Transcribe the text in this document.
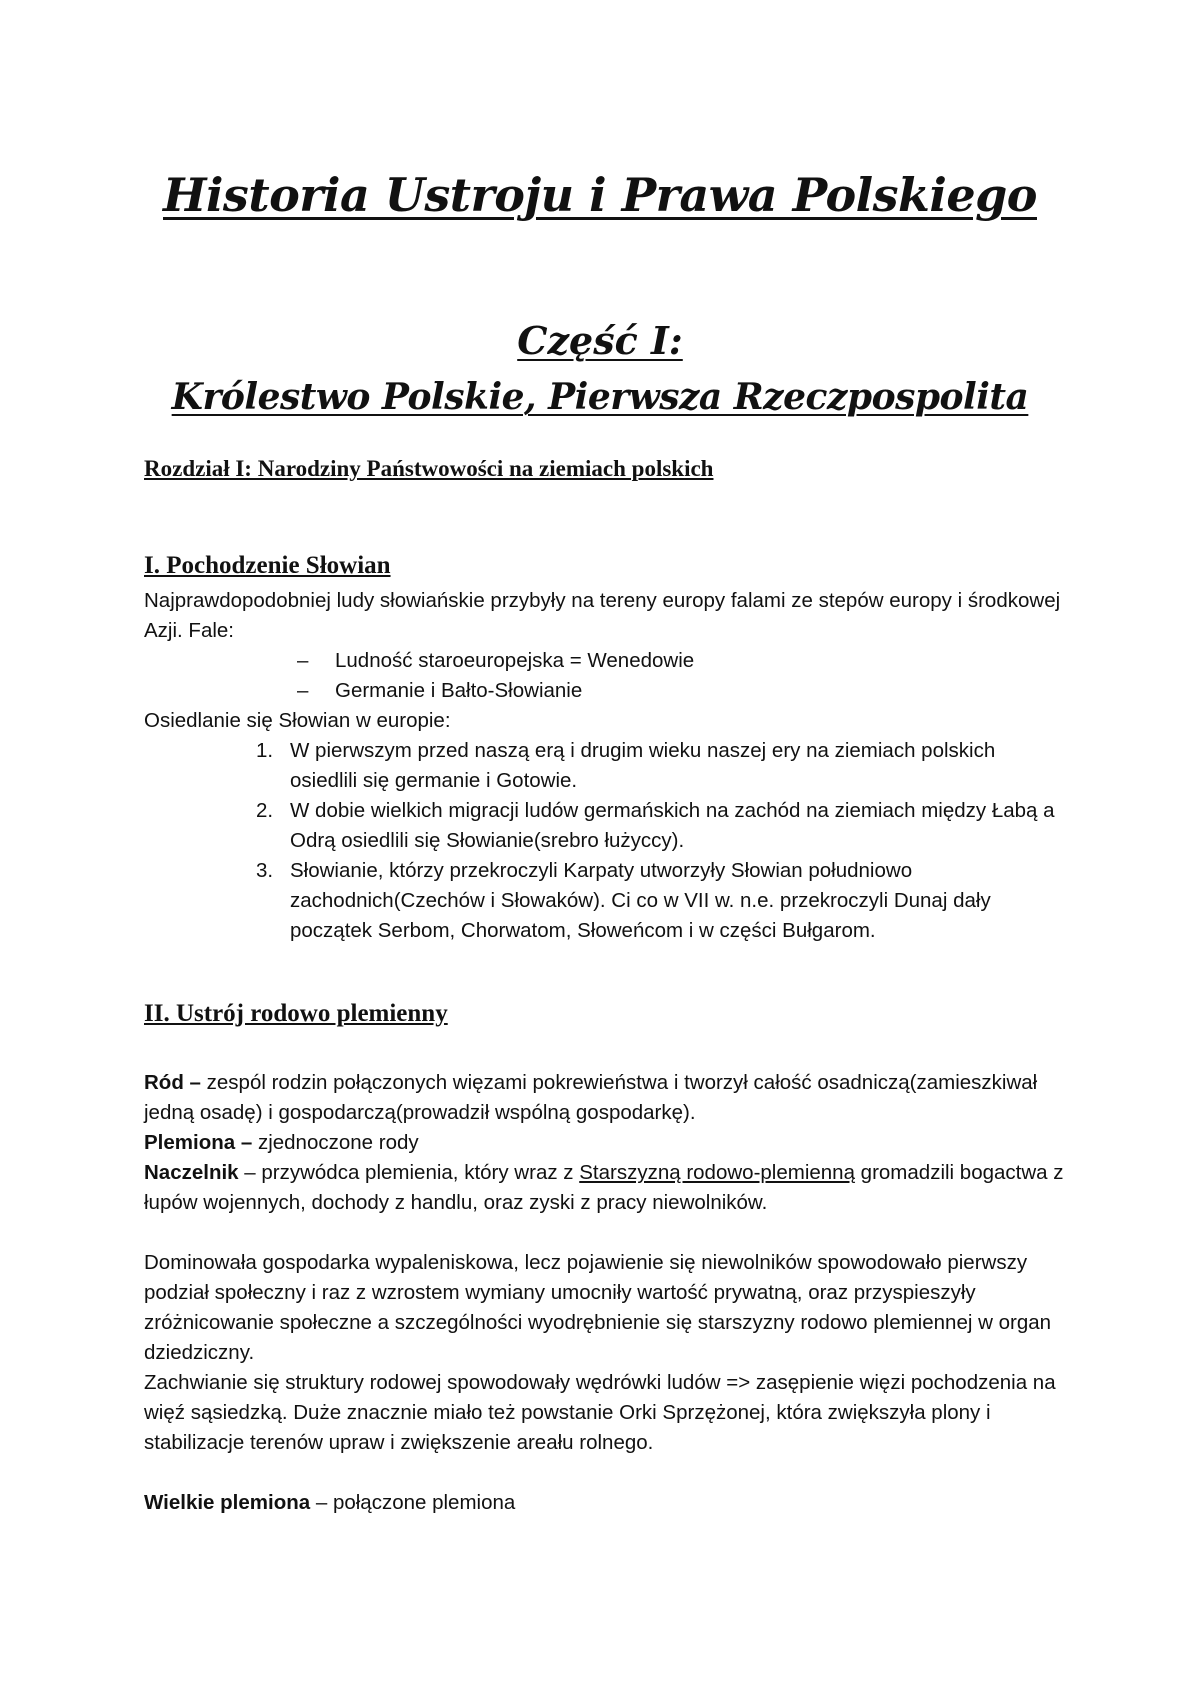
Historia Ustroju i Prawa Polskiego
Część I:
Królestwo Polskie, Pierwsza Rzeczpospolita
Rozdział I: Narodziny Państwowości na ziemiach polskich
I. Pochodzenie Słowian

Najprawdopodobniej ludy słowiańskie przybyły na tereny europy falami ze stepów europy i środkowej Azji. Fale:

– Ludność staroeuropejska = Wenedowie
– Germanie i Bałto-Słowianie

Osiedlanie się Słowian w europie:

1. W pierwszym przed naszą erą i drugim wieku naszej ery na ziemiach polskich osiedlili się germanie i Gotowie.
2. W dobie wielkich migracji ludów germańskich na zachód na ziemiach między Łabą a Odrą osiedlili się Słowianie(srebro łużyccy).
3. Słowianie, którzy przekroczyli Karpaty utworzyły Słowian południowo zachodnich(Czechów i Słowaków). Ci co w VII w. n.e. przekroczyli Dunaj dały początek Serbom, Chorwatom, Słoweńcom i w części Bułgarom.
II. Ustrój rodowo plemienny

Ród – zespól rodzin połączonych więzami pokrewieństwa i tworzył całość osadniczą(zamieszkiwał jedną osadę) i gospodarczą(prowadził wspólną gospodarkę).

Plemiona – zjednoczone rody

Naczelnik – przywódca plemienia, który wraz z Starszyzną rodowo-plemienną gromadzili bogactwa z łupów wojennych, dochody z handlu, oraz zyski z pracy niewolników.

Dominowała gospodarka wypaleniskowa, lecz pojawienie się niewolników spowodowało pierwszy podział społeczny i raz z wzrostem wymiany umocniły wartość prywatną, oraz przyspieszyły zróżnicowanie społeczne a szczególności wyodrębnienie się starszyzny rodowo plemiennej w organ dziedziczny.

Zachwianie się struktury rodowej spowodowały wędrówki ludów => zasępienie więzi pochodzenia na więź sąsiedzką. Duże znacznie miało też powstanie Orki Sprzężonej, która zwiększyła plony i stabilizacje terenów upraw i zwiększenie areału rolnego.

Wielkie plemiona – połączone plemiona
